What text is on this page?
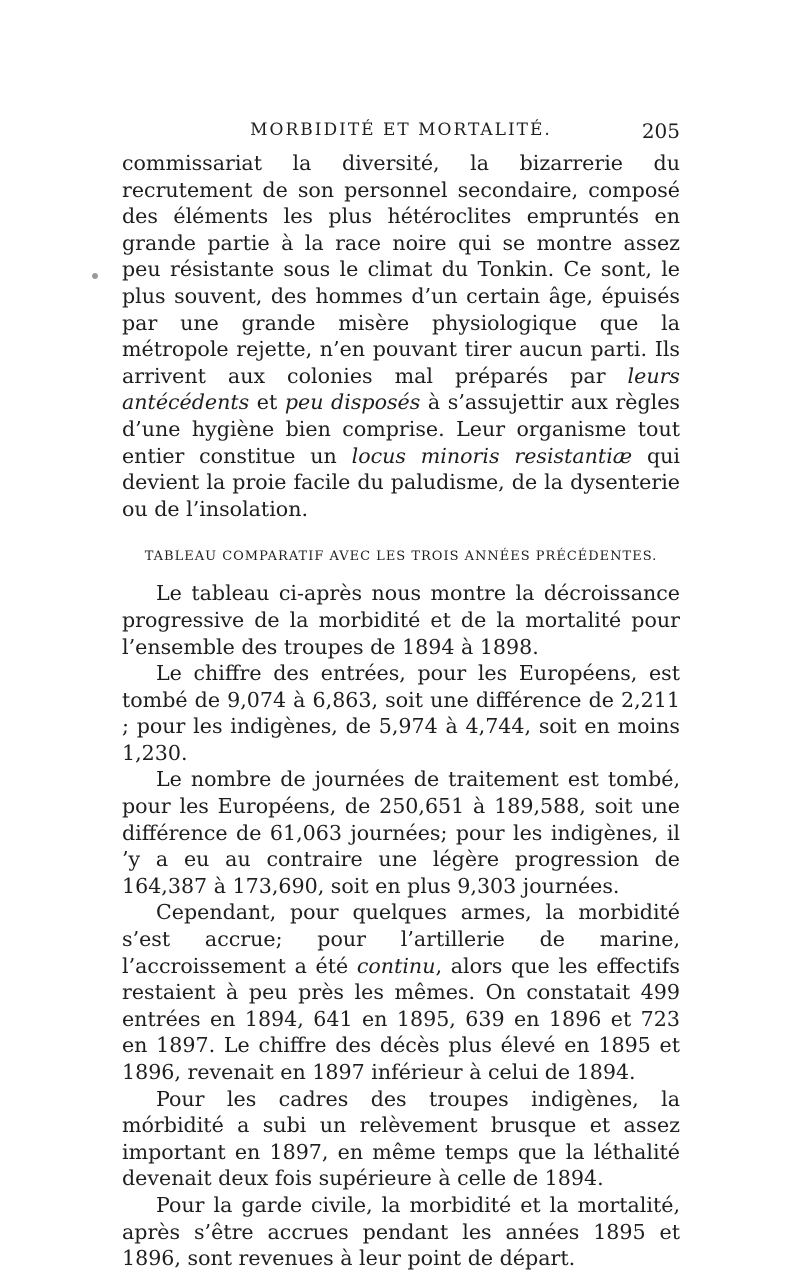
MORBIDITÉ ET MORTALITÉ.	205

commissariat la diversité, la bizarrerie du recrutement de son personnel secondaire, composé des éléments les plus hétéroclites empruntés en grande partie à la race noire qui se montre assez peu résistante sous le climat du Tonkin. Ce sont, le plus souvent, des hommes d’un certain âge, épuisés par une grande misère physiologique que la métropole rejette, n’en pouvant tirer aucun parti. Ils arrivent aux colonies mal préparés par leurs antécédents et peu disposés à s’assujettir aux règles d’une hygiène bien comprise. Leur organisme tout entier constitue un locus minoris resistantiæ qui devient la proie facile du paludisme, de la dysenterie ou de l’insolation.

TABLEAU COMPARATIF AVEC LES TROIS ANNÉES PRÉCÉDENTES.

Le tableau ci-après nous montre la décroissance progressive de la morbidité et de la mortalité pour l’ensemble des troupes de 1894 à 1898.

Le chiffre des entrées, pour les Européens, est tombé de 9,074 à 6,863, soit une différence de 2,211 ; pour les indigènes, de 5,974 à 4,744, soit en moins 1,230.

Le nombre de journées de traitement est tombé, pour les Européens, de 250,651 à 189,588, soit une différence de 61,063 journées; pour les indigènes, il ’y a eu au contraire une légère progression de 164,387 à 173,690, soit en plus 9,303 journées.

Cependant, pour quelques armes, la morbidité s’est accrue; pour l’artillerie de marine, l’accroissement a été continu, alors que les effectifs restaient à peu près les mêmes. On constatait 499 entrées en 1894, 641 en 1895, 639 en 1896 et 723 en 1897. Le chiffre des décès plus élevé en 1895 et 1896, revenait en 1897 inférieur à celui de 1894.

Pour les cadres des troupes indigènes, la mórbidité a subi un relèvement brusque et assez important en 1897, en même temps que la léthalité devenait deux fois supérieure à celle de 1894.

Pour la garde civile, la morbidité et la mortalité, après s’être accrues pendant les années 1895 et 1896, sont revenues à leur point de départ.
